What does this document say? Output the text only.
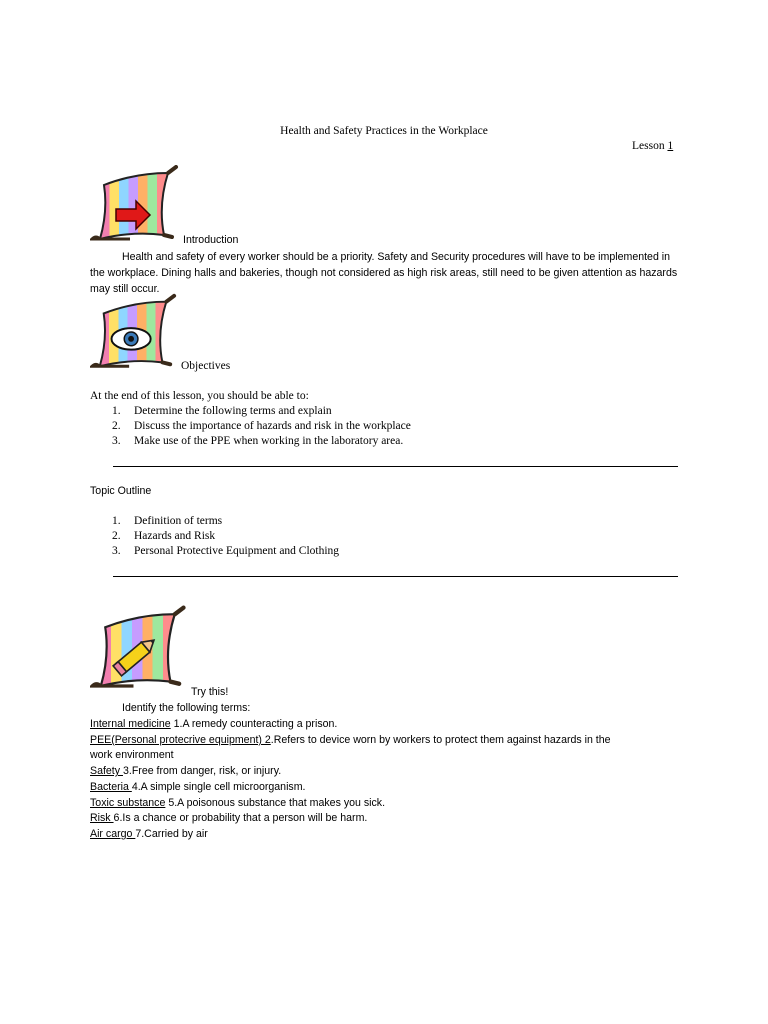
Health and Safety Practices in the Workplace
Lesson 1
Introduction
Health and safety of every worker should be a priority. Safety and Security procedures will have to be implemented in the workplace. Dining halls and bakeries, though not considered as high risk areas, still need to be given attention as hazards may still occur.
Objectives
At the end of this lesson, you should be able to:
1. Determine the following terms and explain
2. Discuss the importance of hazards and risk in the workplace
3. Make use of the PPE when working in the laboratory area.
Topic Outline
1. Definition of terms
2. Hazards and Risk
3. Personal Protective Equipment and Clothing
Try this!
Identify the following terms:
Internal medicine 1.A remedy counteracting a prison.
PEE(Personal protecrive equipment) 2.Refers to device worn by workers to protect them against hazards in the
work environment
Safety 3.Free from danger, risk, or injury.
Bacteria 4.A simple single cell microorganism.
Toxic substance 5.A poisonous substance that makes you sick.
Risk 6.Is a chance or probability that a person will be harm.
Air cargo 7.Carried by air
